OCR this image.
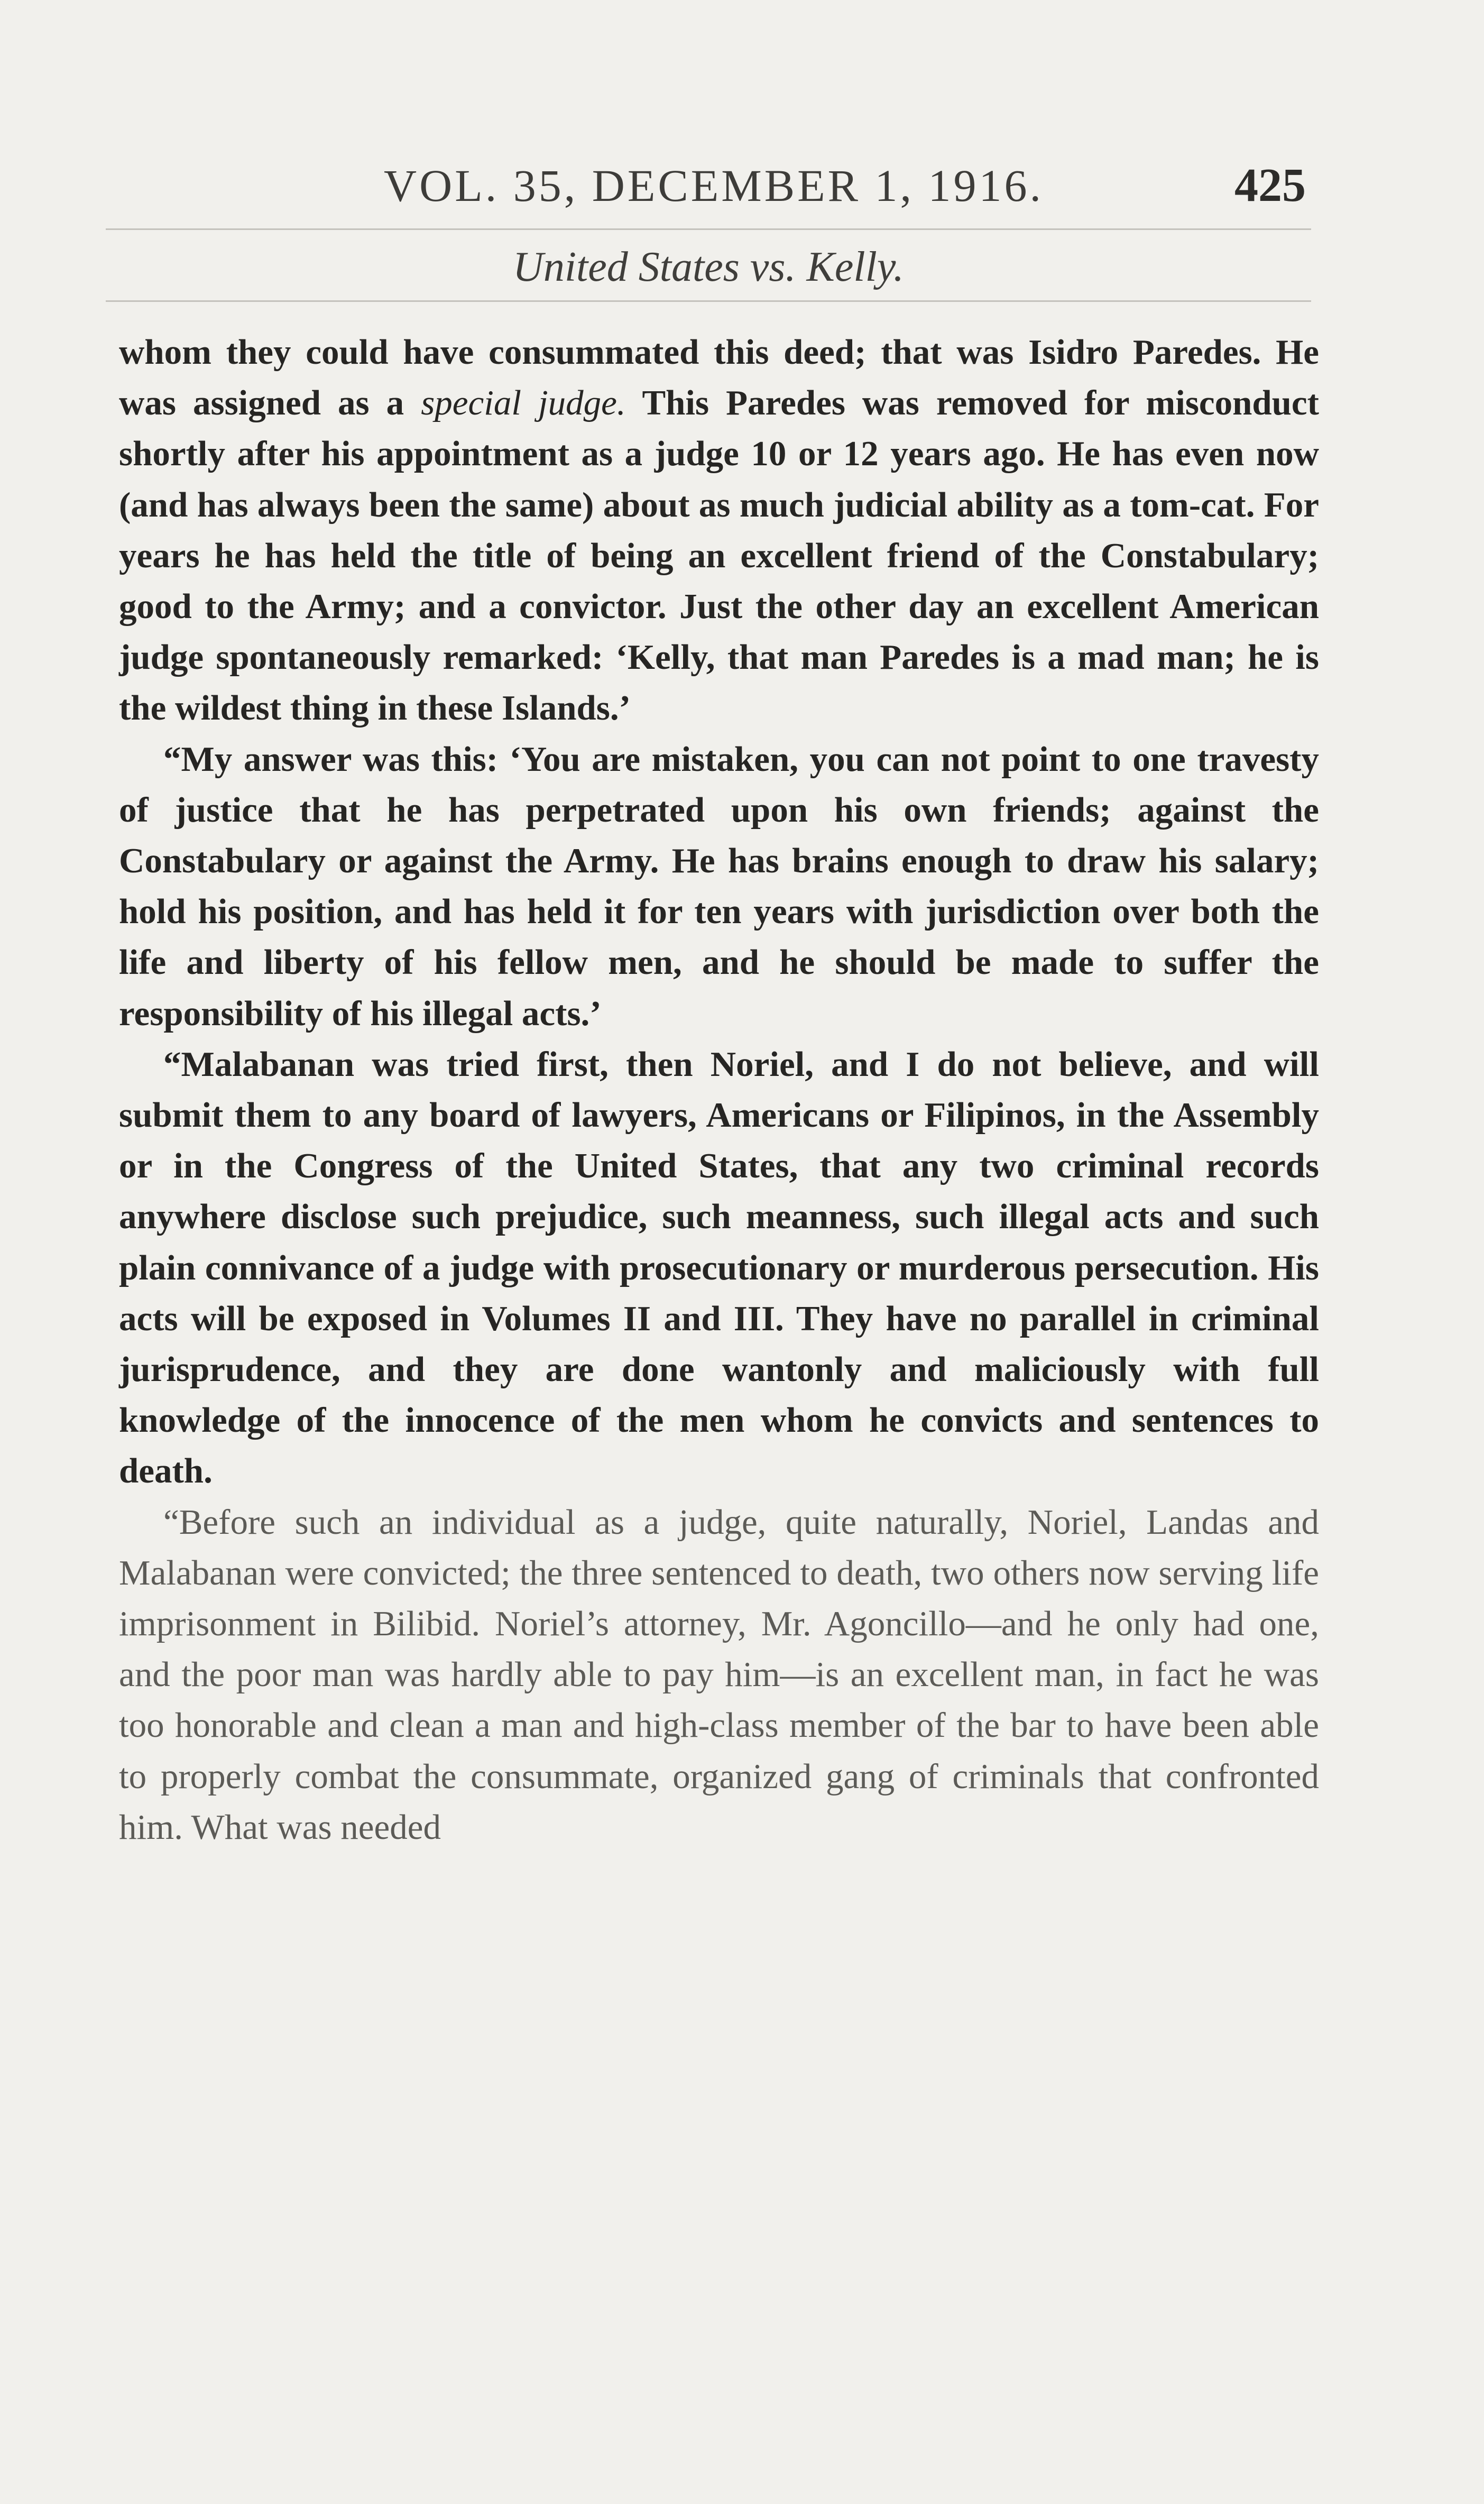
VOL. 35, DECEMBER 1, 1916.	425
United States vs. Kelly.

whom they could have consummated this deed; that was Isidro Paredes. He was assigned as a special judge. This Paredes was removed for misconduct shortly after his appointment as a judge 10 or 12 years ago. He has even now (and has always been the same) about as much judicial ability as a tom-cat. For years he has held the title of being an excellent friend of the Constabulary; good to the Army; and a convictor. Just the other day an excellent American judge spontaneously remarked: ‘Kelly, that man Paredes is a mad man; he is the wildest thing in these Islands.’

“My answer was this: ‘You are mistaken, you can not point to one travesty of justice that he has perpetrated upon his own friends; against the Constabulary or against the Army. He has brains enough to draw his salary; hold his position, and has held it for ten years with jurisdiction over both the life and liberty of his fellow men, and he should be made to suffer the responsibility of his illegal acts.’

“Malabanan was tried first, then Noriel, and I do not believe, and will submit them to any board of lawyers, Americans or Filipinos, in the Assembly or in the Congress of the United States, that any two criminal records anywhere disclose such prejudice, such meanness, such illegal acts and such plain connivance of a judge with prosecutionary or murderous persecution. His acts will be exposed in Volumes II and III. They have no parallel in criminal jurisprudence, and they are done wantonly and maliciously with full knowledge of the innocence of the men whom he convicts and sentences to death.

“Before such an individual as a judge, quite naturally, Noriel, Landas and Malabanan were convicted; the three sentenced to death, two others now serving life imprisonment in Bilibid. Noriel’s attorney, Mr. Agoncillo—and he only had one, and the poor man was hardly able to pay him—is an excellent man, in fact he was too honorable and clean a man and high-class member of the bar to have been able to properly combat the consummate, organized gang of criminals that confronted him. What was needed
